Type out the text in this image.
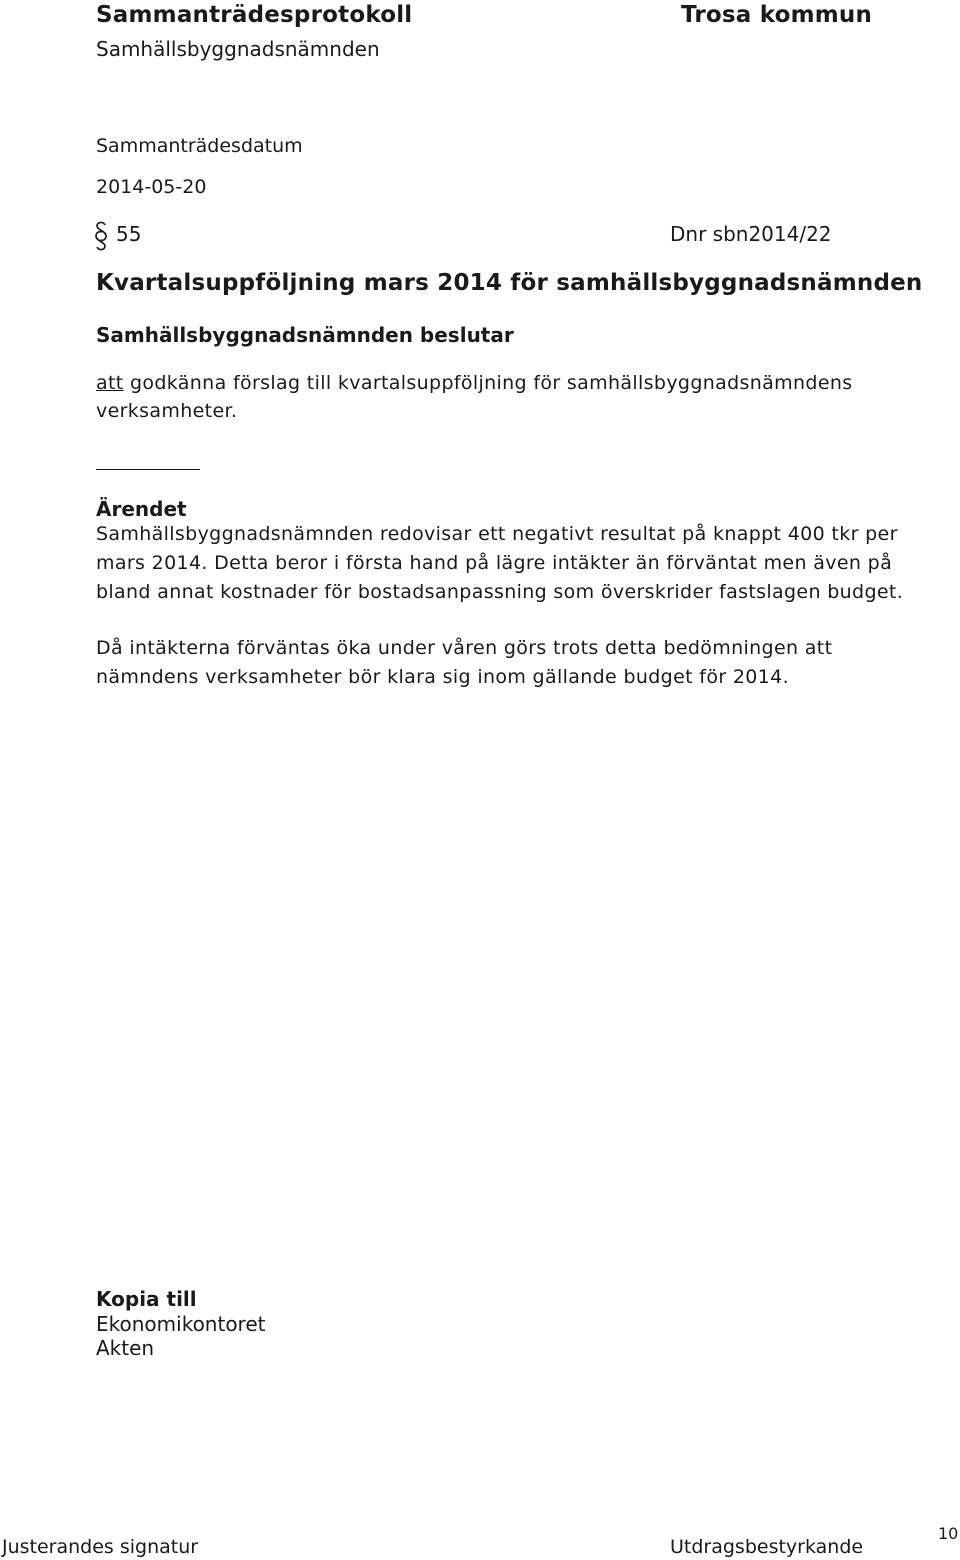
Sammanträdesprotokoll	Trosa kommun
Samhällsbyggnadsnämnden
Sammanträdesdatum
2014-05-20
55	Dnr sbn2014/22
Kvartalsuppföljning mars 2014 för samhällsbyggnadsnämnden
Samhällsbyggnadsnämnden beslutar
att godkänna förslag till kvartalsuppföljning för samhällsbyggnadsnämndens
verksamheter.
Ärendet
Samhällsbyggnadsnämnden redovisar ett negativt resultat på knappt 400 tkr per
mars 2014. Detta beror i första hand på lägre intäkter än förväntat men även på
bland annat kostnader för bostadsanpassning som överskrider fastslagen budget.
Då intäkterna förväntas öka under våren görs trots detta bedömningen att
nämndens verksamheter bör klara sig inom gällande budget för 2014.
Kopia till
Ekonomikontoret
Akten
Justerandes signatur	Utdragsbestyrkande
10
